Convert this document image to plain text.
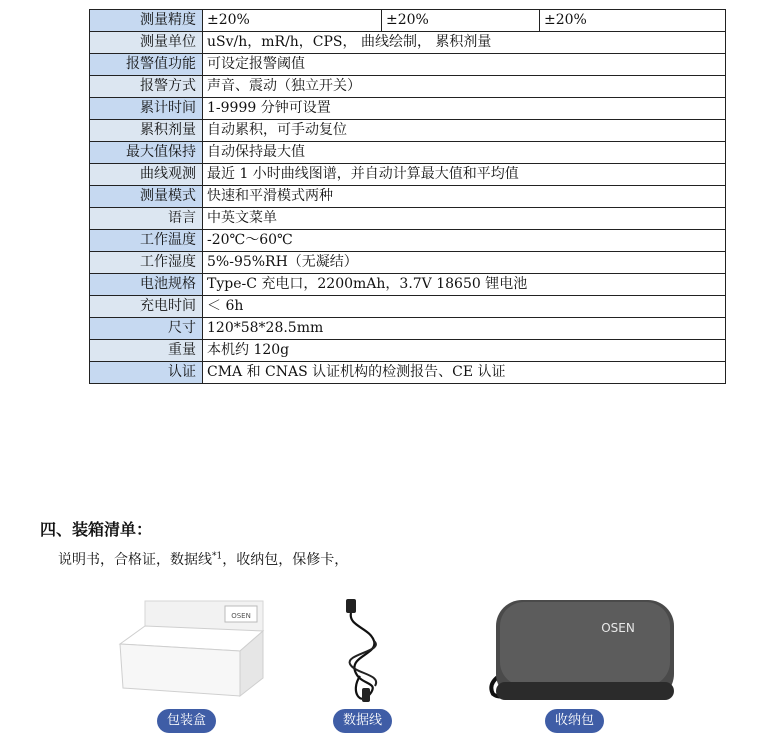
测量精度	±20%	±20%	±20%
测量单位	uSv/h，mR/h，CPS， 曲线绘制， 累积剂量		
报警值功能	可设定报警阈值		
报警方式	声音、震动（独立开关）		
累计时间	1-9999 分钟可设置		
累积剂量	自动累积，可手动复位		
最大值保持	自动保持最大值		
曲线观测	最近 1 小时曲线图谱，并自动计算最大值和平均值		
测量模式	快速和平滑模式两种		
语言	中英文菜单		
工作温度	-20℃～60℃		
工作湿度	5%-95%RH（无凝结）		
电池规格	Type-C 充电口，2200mAh，3.7V 18650 锂电池		
充电时间	＜ 6h		
尺寸	120*58*28.5mm		
重量	本机约 120g		
认证	CMA 和 CNAS 认证机构的检测报告、CE 认证		
四、装箱清单：
说明书，合格证，数据线$^{*1}$，收纳包，保修卡，
OSEN
OSEN
包装盒	数据线	收纳包
